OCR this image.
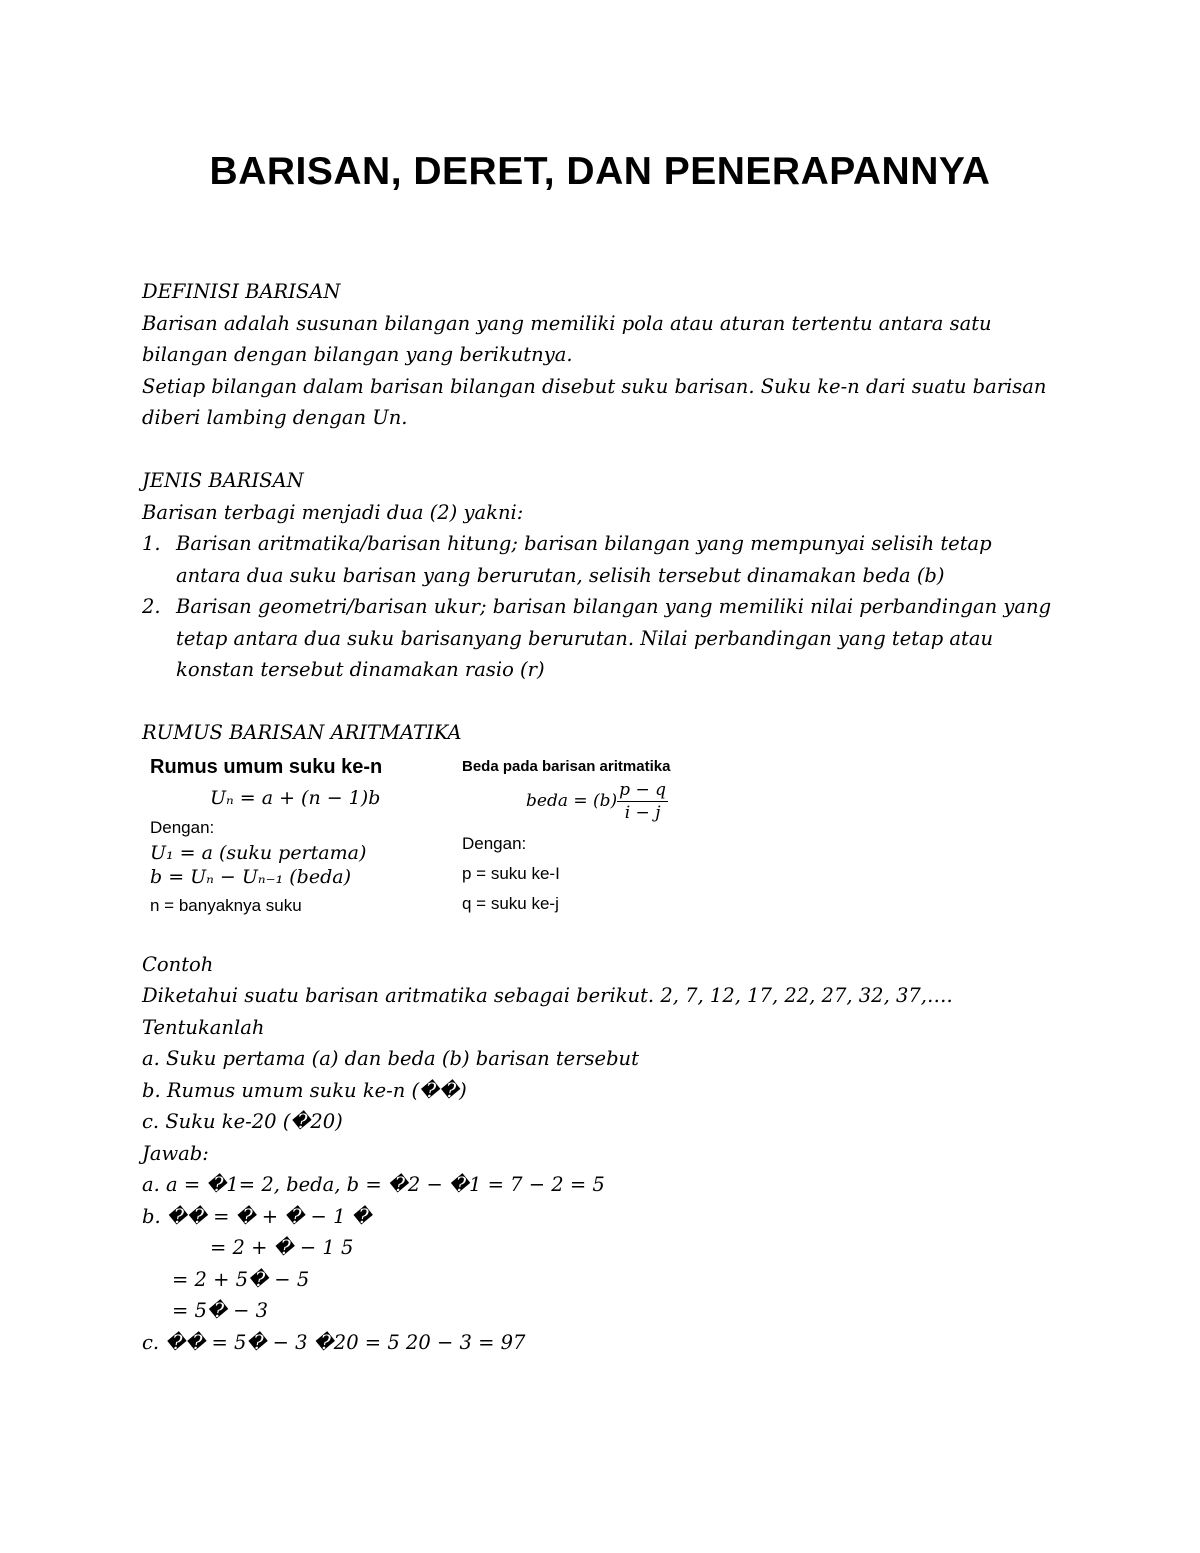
BARISAN, DERET, DAN PENERAPANNYA

DEFINISI BARISAN

Barisan adalah susunan bilangan yang memiliki pola atau aturan tertentu antara satu bilangan dengan bilangan yang berikutnya.

Setiap bilangan dalam barisan bilangan disebut suku barisan. Suku ke-n dari suatu barisan diberi lambing dengan Un.

JENIS BARISAN

Barisan terbagi menjadi dua (2) yakni:

1. Barisan aritmatika/barisan hitung; barisan bilangan yang mempunyai selisih tetap antara dua suku barisan yang berurutan, selisih tersebut dinamakan beda (b)
2. Barisan geometri/barisan ukur; barisan bilangan yang memiliki nilai perbandingan yang tetap antara dua suku barisanyang berurutan. Nilai perbandingan yang tetap atau konstan tersebut dinamakan rasio (r)

RUMUS BARISAN ARITMATIKA

Rumus umum suku ke-n
Uₙ = a + (n − 1)b
Dengan:
U₁ = a (suku pertama)
b = Uₙ − Uₙ₋₁ (beda)
n = banyaknya suku
Beda pada barisan aritmatika
beda = $(b) \frac{p - q}{i - j}$
Dengan:
p = suku ke-I
q = suku ke-j

Contoh

Diketahui suatu barisan aritmatika sebagai berikut. 2, 7, 12, 17, 22, 27, 32, 37,….

Tentukanlah

a. Suku pertama (a) dan beda (b) barisan tersebut

b. Rumus umum suku ke-n (��)

c. Suku ke-20 (�20)

Jawab:

a. a = �1= 2, beda, b = �2 − �1 = 7 − 2 = 5

b. �� = � + � − 1 �

= 2 + � − 1 5

= 2 + 5� − 5

= 5� − 3

c. �� = 5� − 3 �20 = 5 20 − 3 = 97
